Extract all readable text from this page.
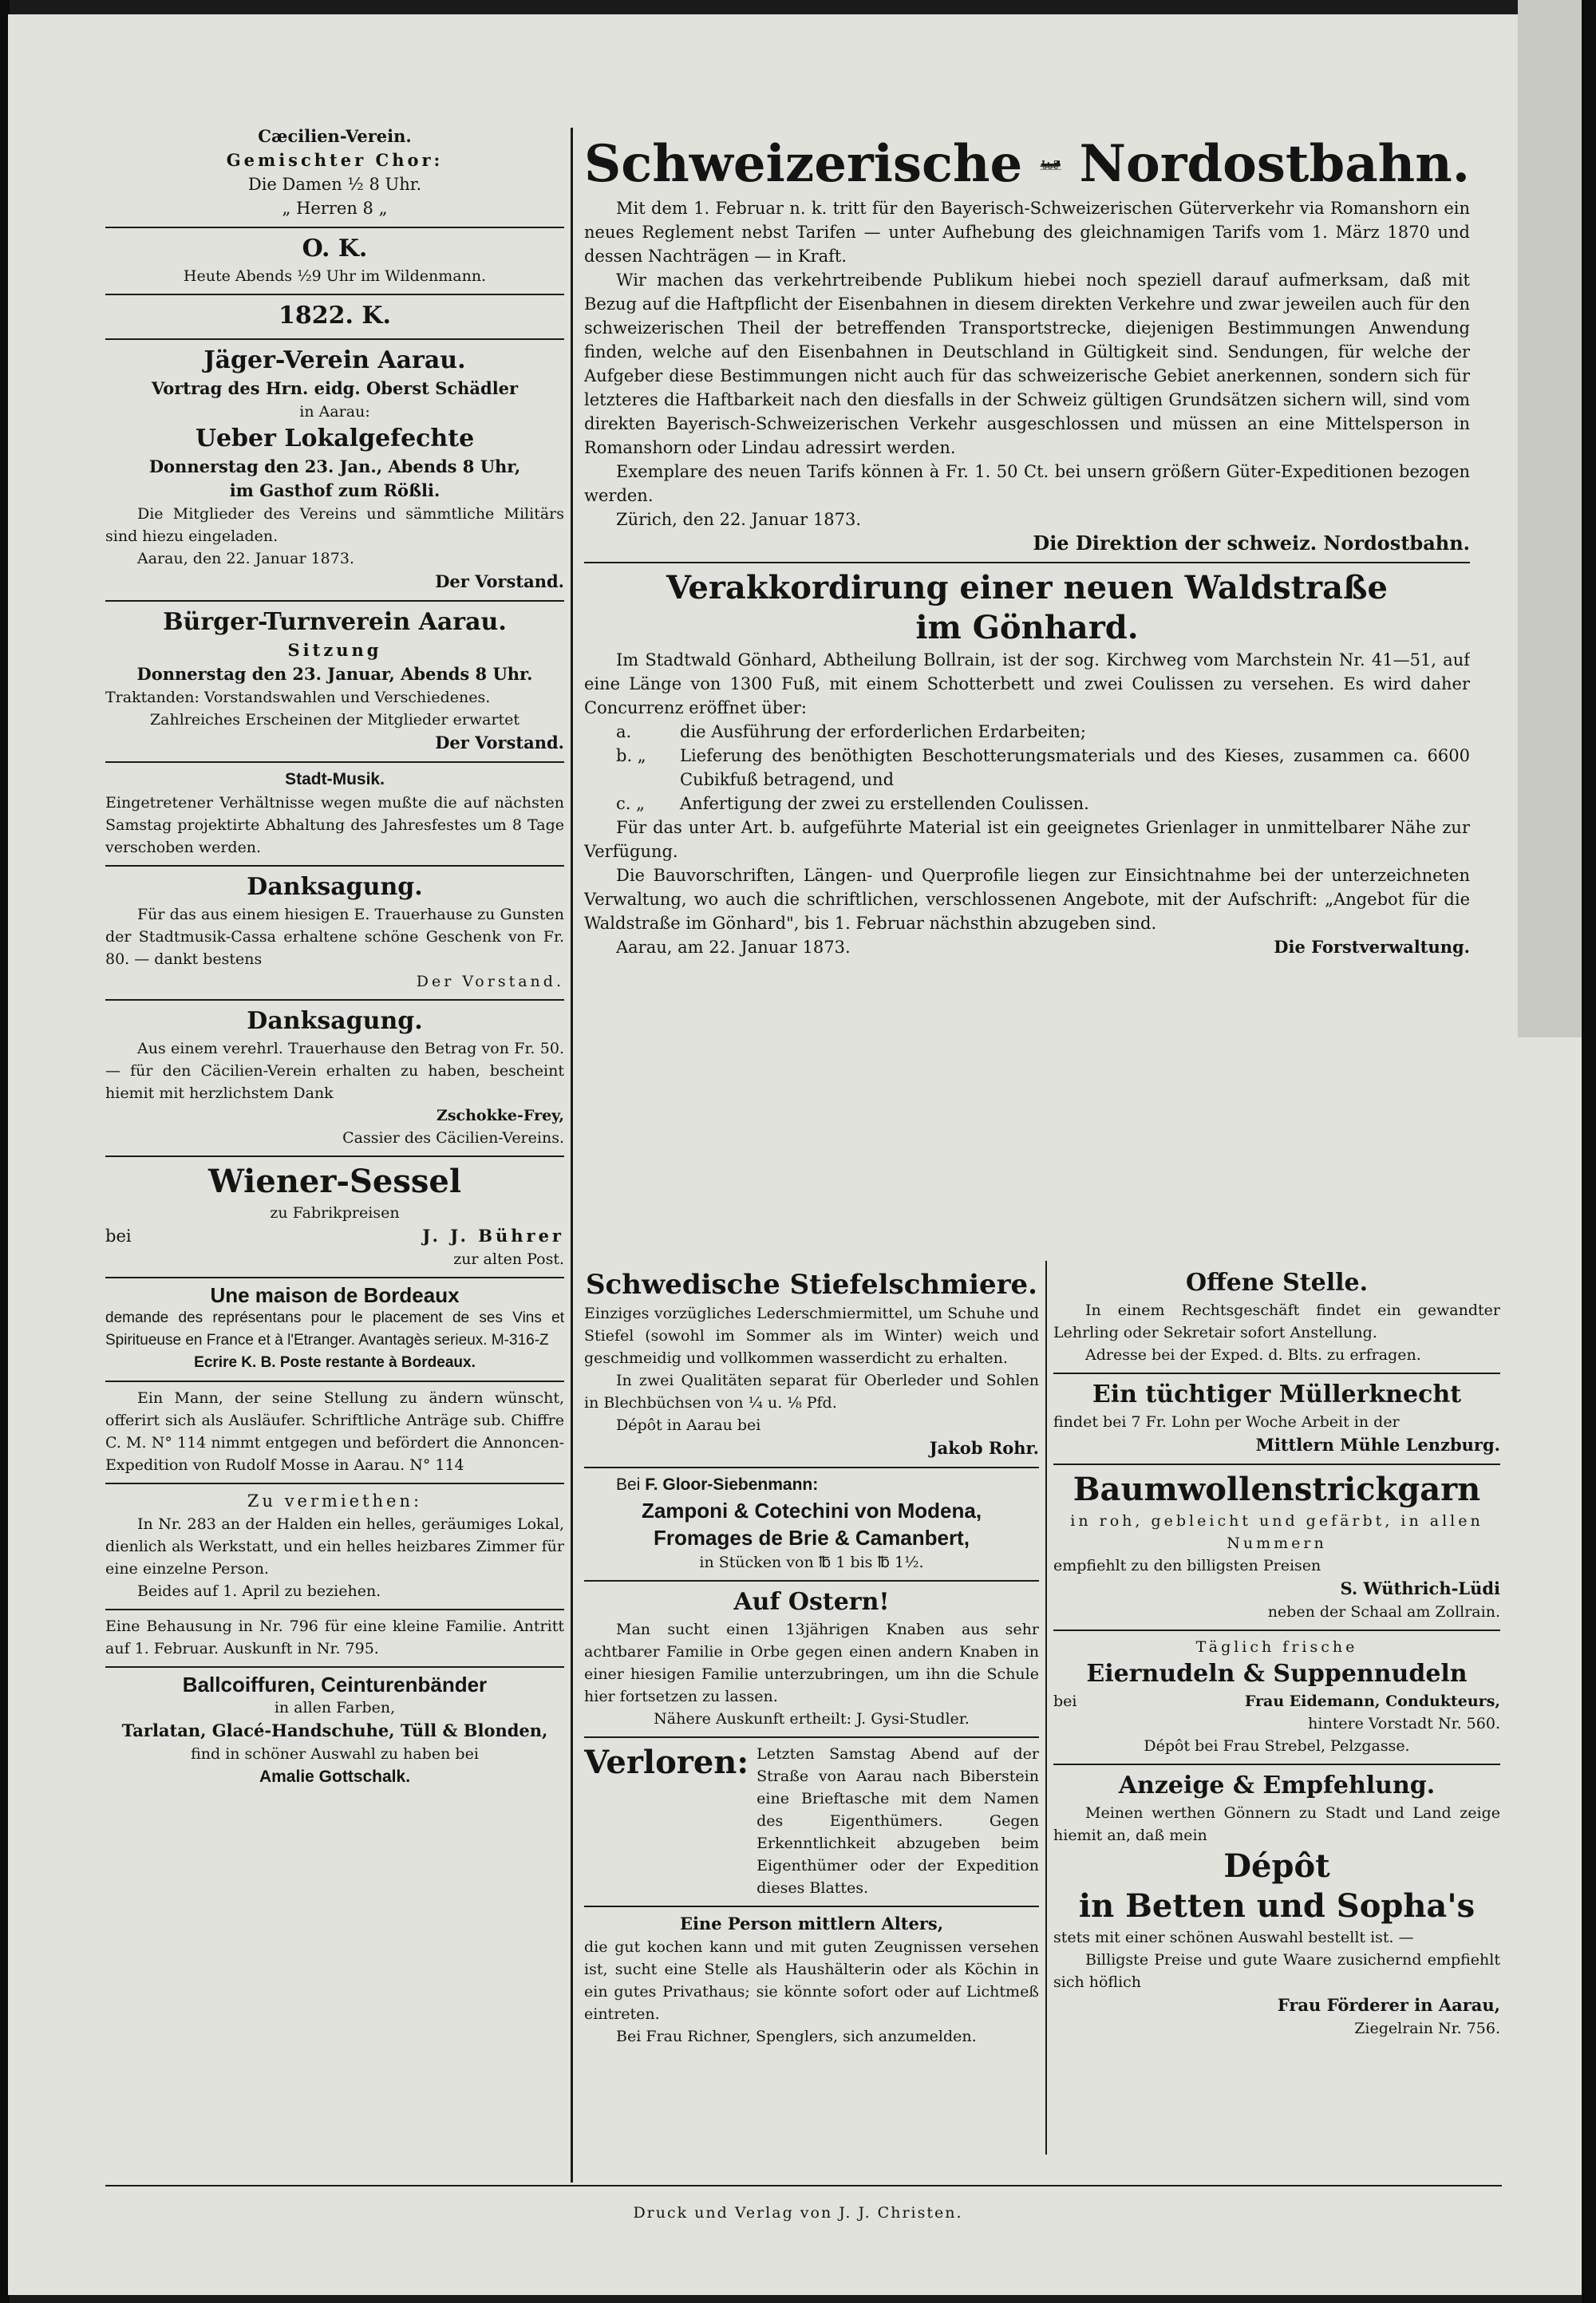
Cæcilien-Verein.
Gemischter Chor:
Die Damen ½ 8 Uhr.
„ Herren 8 „
O. K.
Heute Abends ½9 Uhr im Wildenmann.
1822. K.
Jäger-Verein Aarau.
Vortrag des Hrn. eidg. Oberst Schädler
in Aarau:
Ueber Lokalgefechte
Donnerstag den 23. Jan., Abends 8 Uhr,
im Gasthof zum Rößli.
Die Mitglieder des Vereins und sämmtliche Militärs sind hiezu eingeladen.
Aarau, den 22. Januar 1873.
Der Vorstand.
Bürger-Turnverein Aarau.
Sitzung
Donnerstag den 23. Januar, Abends 8 Uhr.
Traktanden: Vorstandswahlen und Verschiedenes.
Zahlreiches Erscheinen der Mitglieder erwartet
Der Vorstand.
Stadt-Musik.
Eingetretener Verhältnisse wegen mußte die auf nächsten Samstag projektirte Abhaltung des Jahresfestes um 8 Tage verschoben werden.
Danksagung.
Für das aus einem hiesigen E. Trauerhause zu Gunsten der Stadtmusik-Cassa erhaltene schöne Geschenk von Fr. 80. — dankt bestens
Der Vorstand.
Danksagung.
Aus einem verehrl. Trauerhause den Betrag von Fr. 50. — für den Cäcilien-Verein erhalten zu haben, bescheint hiemit mit herzlichstem Dank
Zschokke-Frey,
Cassier des Cäcilien-Vereins.
Wiener-Sessel
zu Fabrikpreisen
bei	J. J. Bührer
zur alten Post.
Une maison de Bordeaux
demande des représentans pour le placement de ses Vins et Spiritueuse en France et à l'Etranger. Avantagès serieux. M-316-Z
Ecrire K. B. Poste restante à Bordeaux.
Ein Mann, der seine Stellung zu ändern wünscht, offerirt sich als Ausläufer. Schriftliche Anträge sub. Chiffre C. M. N° 114 nimmt entgegen und befördert die Annoncen-Expedition von Rudolf Mosse in Aarau. N° 114
Zu vermiethen:
In Nr. 283 an der Halden ein helles, geräumiges Lokal, dienlich als Werkstatt, und ein helles heizbares Zimmer für eine einzelne Person.
Beides auf 1. April zu beziehen.
Eine Behausung in Nr. 796 für eine kleine Familie. Antritt auf 1. Februar. Auskunft in Nr. 795.
Ballcoiffuren, Ceinturenbänder
in allen Farben,
Tarlatan, Glacé-Handschuhe, Tüll & Blonden,
find in schöner Auswahl zu haben bei
Amalie Gottschalk.
Schweizerische Nordostbahn.
Mit dem 1. Februar n. k. tritt für den Bayerisch-Schweizerischen Güterverkehr via Romanshorn ein neues Reglement nebst Tarifen — unter Aufhebung des gleichnamigen Tarifs vom 1. März 1870 und dessen Nachträgen — in Kraft.
Wir machen das verkehrtreibende Publikum hiebei noch speziell darauf aufmerksam, daß mit Bezug auf die Haftpflicht der Eisenbahnen in diesem direkten Verkehre und zwar jeweilen auch für den schweizerischen Theil der betreffenden Transportstrecke, diejenigen Bestimmungen Anwendung finden, welche auf den Eisenbahnen in Deutschland in Gültigkeit sind. Sendungen, für welche der Aufgeber diese Bestimmungen nicht auch für das schweizerische Gebiet anerkennen, sondern sich für letzteres die Haftbarkeit nach den diesfalls in der Schweiz gültigen Grundsätzen sichern will, sind vom direkten Bayerisch-Schweizerischen Verkehr ausgeschlossen und müssen an eine Mittelsperson in Romanshorn oder Lindau adressirt werden.
Exemplare des neuen Tarifs können à Fr. 1. 50 Ct. bei unsern größern Güter-Expeditionen bezogen werden.
Zürich, den 22. Januar 1873.
Die Direktion der schweiz. Nordostbahn.
Verakkordirung einer neuen Waldstraße
im Gönhard.
Im Stadtwald Gönhard, Abtheilung Bollrain, ist der sog. Kirchweg vom Marchstein Nr. 41—51, auf eine Länge von 1300 Fuß, mit einem Schotterbett und zwei Coulissen zu versehen. Es wird daher Concurrenz eröffnet über:
a.	die Ausführung der erforderlichen Erdarbeiten;
b. „	Lieferung des benöthigten Beschotterungsmaterials und des Kieses, zusammen ca. 6600 Cubikfuß betragend, und
c. „	Anfertigung der zwei zu erstellenden Coulissen.
Für das unter Art. b. aufgeführte Material ist ein geeignetes Grienlager in unmittelbarer Nähe zur Verfügung.
Die Bauvorschriften, Längen- und Querprofile liegen zur Einsichtnahme bei der unterzeichneten Verwaltung, wo auch die schriftlichen, verschlossenen Angebote, mit der Aufschrift: „Angebot für die Waldstraße im Gönhard", bis 1. Februar nächsthin abzugeben sind.
Aarau, am 22. Januar 1873.	Die Forstverwaltung.
Schwedische Stiefelschmiere.
Einziges vorzügliches Lederschmiermittel, um Schuhe und Stiefel (sowohl im Sommer als im Winter) weich und geschmeidig und vollkommen wasserdicht zu erhalten.
In zwei Qualitäten separat für Oberleder und Sohlen in Blechbüchsen von ¼ u. ⅛ Pfd.
Dépôt in Aarau bei
Jakob Rohr.
Bei F. Gloor-Siebenmann:
Zamponi & Cotechini von Modena,
Fromages de Brie & Camanbert,
in Stücken von ℔ 1 bis ℔ 1½.
Auf Ostern!
Man sucht einen 13jährigen Knaben aus sehr achtbarer Familie in Orbe gegen einen andern Knaben in einer hiesigen Familie unterzubringen, um ihn die Schule hier fortsetzen zu lassen.
Nähere Auskunft ertheilt: J. Gysi-Studler.
Verloren: Letzten Samstag Abend auf der Straße von Aarau nach Biberstein eine Brieftasche mit dem Namen des Eigenthümers. Gegen Erkenntlichkeit abzugeben beim Eigenthümer oder der Expedition dieses Blattes.
Eine Person mittlern Alters,
die gut kochen kann und mit guten Zeugnissen versehen ist, sucht eine Stelle als Haushälterin oder als Köchin in ein gutes Privathaus; sie könnte sofort oder auf Lichtmeß eintreten.
Bei Frau Richner, Spenglers, sich anzumelden.
Offene Stelle.
In einem Rechtsgeschäft findet ein gewandter Lehrling oder Sekretair sofort Anstellung.
Adresse bei der Exped. d. Blts. zu erfragen.
Ein tüchtiger Müllerknecht
findet bei 7 Fr. Lohn per Woche Arbeit in der
Mittlern Mühle Lenzburg.
Baumwollenstrickgarn
in roh, gebleicht und gefärbt, in allen Nummern
empfiehlt zu den billigsten Preisen
S. Wüthrich-Lüdi
neben der Schaal am Zollrain.
Täglich frische
Eiernudeln & Suppennudeln
bei	Frau Eidemann, Condukteurs,
hintere Vorstadt Nr. 560.
Dépôt bei Frau Strebel, Pelzgasse.
Anzeige & Empfehlung.
Meinen werthen Gönnern zu Stadt und Land zeige hiemit an, daß mein
Dépôt
in Betten und Sopha's
stets mit einer schönen Auswahl bestellt ist. —
Billigste Preise und gute Waare zusichernd empfiehlt sich höflich
Frau Förderer in Aarau,
Ziegelrain Nr. 756.
Druck und Verlag von J. J. Christen.
